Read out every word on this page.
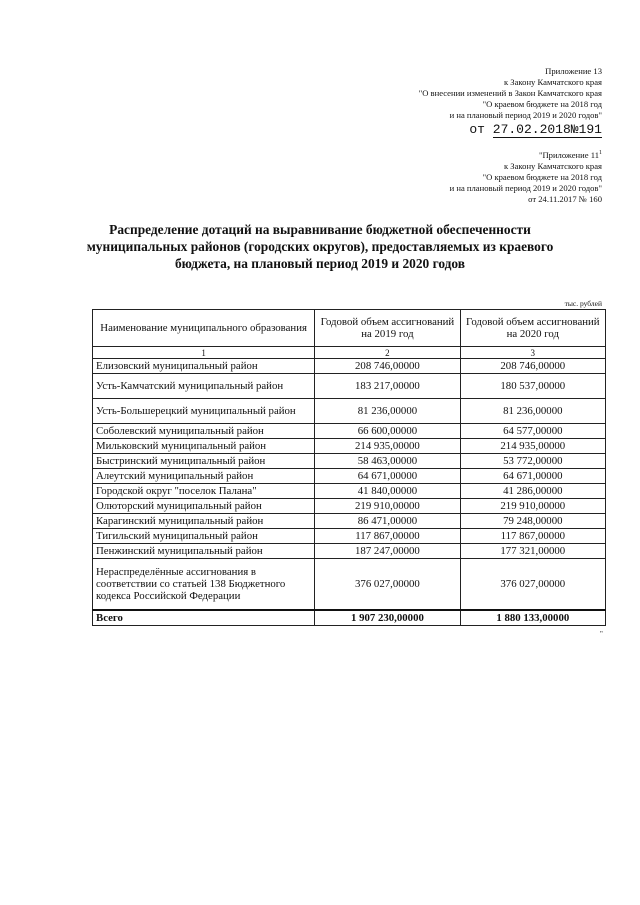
Приложение 13
к Закону Камчатского края
"О внесении изменений в Закон Камчатского края
"О краевом бюджете на 2018 год
и на плановый период 2019 и 2020 годов"
от 27.02.2018№191
"Приложение $11^1$
к Закону Камчатского края
"О краевом бюджете на 2018 год
и на плановый период 2019 и 2020 годов"
от 24.11.2017 № 160
Распределение дотаций на выравнивание бюджетной обеспеченности
муниципальных районов (городских округов), предоставляемых из краевого
бюджета, на плановый период 2019 и 2020 годов
тыс. рублей
Наименование муниципального образования	Годовой объем ассигнований на 2019 год	Годовой объем ассигнований на 2020 год
1	2	3
Елизовский муниципальный район	208 746,00000	208 746,00000
Усть-Камчатский муниципальный район	183 217,00000	180 537,00000
Усть-Большерецкий муниципальный район	81 236,00000	81 236,00000
Соболевский муниципальный район	66 600,00000	64 577,00000
Мильковский муниципальный район	214 935,00000	214 935,00000
Быстринский муниципальный район	58 463,00000	53 772,00000
Алеутский муниципальный район	64 671,00000	64 671,00000
Городской округ "поселок Палана"	41 840,00000	41 286,00000
Олюторский муниципальный район	219 910,00000	219 910,00000
Карагинский муниципальный район	86 471,00000	79 248,00000
Тигильский муниципальный район	117 867,00000	117 867,00000
Пенжинский муниципальный район	187 247,00000	177 321,00000
Нераспределённые ассигнования в соответствии со статьей 138 Бюджетного кодекса Российской Федерации	376 027,00000	376 027,00000
Всего	1 907 230,00000	1 880 133,00000
"
